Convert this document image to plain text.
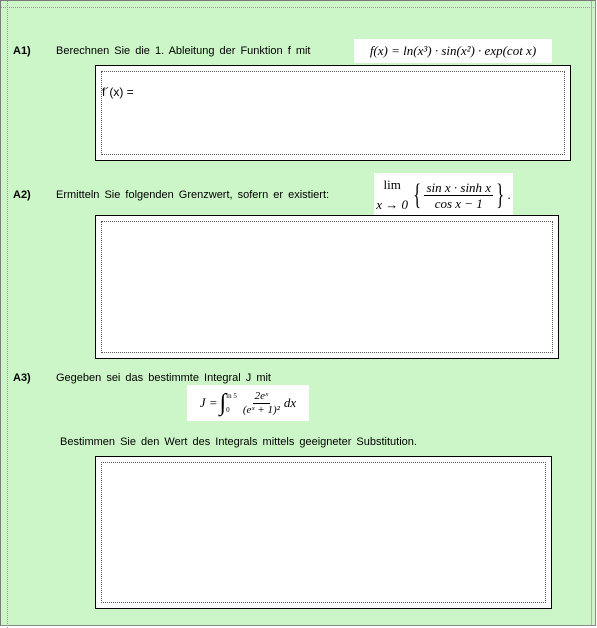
A1) Berechnen Sie die 1. Ableitung der Funktion f mit	f(x) = ln(x³) · sin(x²) · exp(cot x)
f´(x) =
A2) Ermitteln Sie folgenden Grenzwert, sofern er existiert:
lim
x → 0 { $\frac{\text{sin x · sinh x}}{\text{cos x − 1}}$ } .
A3) Gegeben sei das bestimmte Integral J mit
J = ∫ ln 5
0	$\frac{\text{2eˣ}}{\text{(eˣ + 1)²}}$ dx
Bestimmen Sie den Wert des Integrals mittels geeigneter Substitution.
